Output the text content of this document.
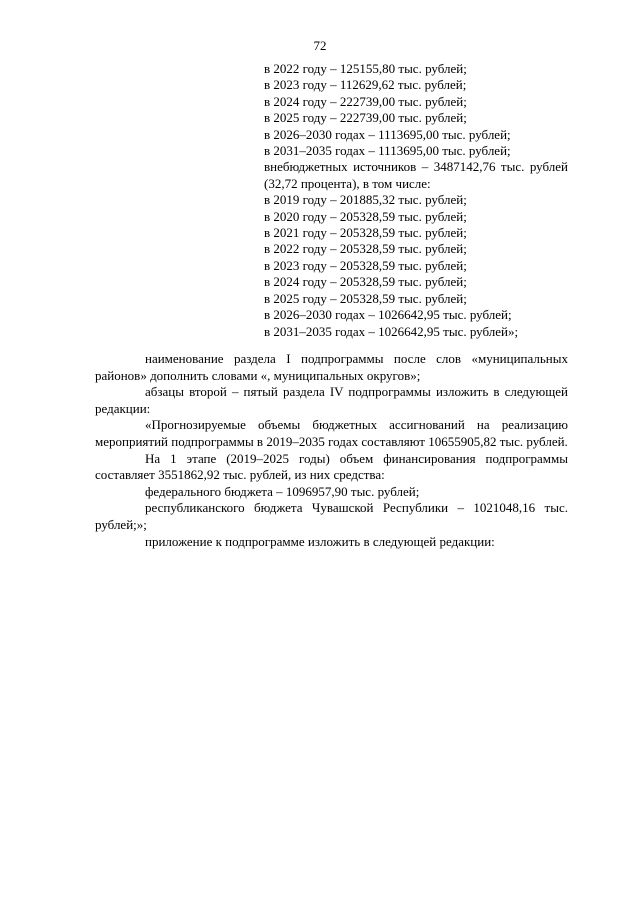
72
в 2022 году – 125155,80 тыс. рублей;
в 2023 году – 112629,62 тыс. рублей;
в 2024 году – 222739,00 тыс. рублей;
в 2025 году – 222739,00 тыс. рублей;
в 2026–2030 годах – 1113695,00 тыс. рублей;
в 2031–2035 годах – 1113695,00 тыс. рублей;
внебюджетных источников – 3487142,76 тыс. рублей
(32,72 процента), в том числе:
в 2019 году – 201885,32 тыс. рублей;
в 2020 году – 205328,59 тыс. рублей;
в 2021 году – 205328,59 тыс. рублей;
в 2022 году – 205328,59 тыс. рублей;
в 2023 году – 205328,59 тыс. рублей;
в 2024 году – 205328,59 тыс. рублей;
в 2025 году – 205328,59 тыс. рублей;
в 2026–2030 годах – 1026642,95 тыс. рублей;
в 2031–2035 годах – 1026642,95 тыс. рублей»;

наименование раздела I подпрограммы после слов «муниципальных районов» дополнить словами «, муниципальных округов»;

абзацы второй – пятый раздела IV подпрограммы изложить в следующей редакции:

«Прогнозируемые объемы бюджетных ассигнований на реализацию мероприятий подпрограммы в 2019–2035 годах составляют 10655905,82 тыс. рублей.

На 1 этапе (2019–2025 годы) объем финансирования подпрограммы составляет 3551862,92 тыс. рублей, из них средства:

федерального бюджета – 1096957,90 тыс. рублей;

республиканского бюджета Чувашской Республики – 1021048,16 тыс. рублей;»;

приложение к подпрограмме изложить в следующей редакции:
